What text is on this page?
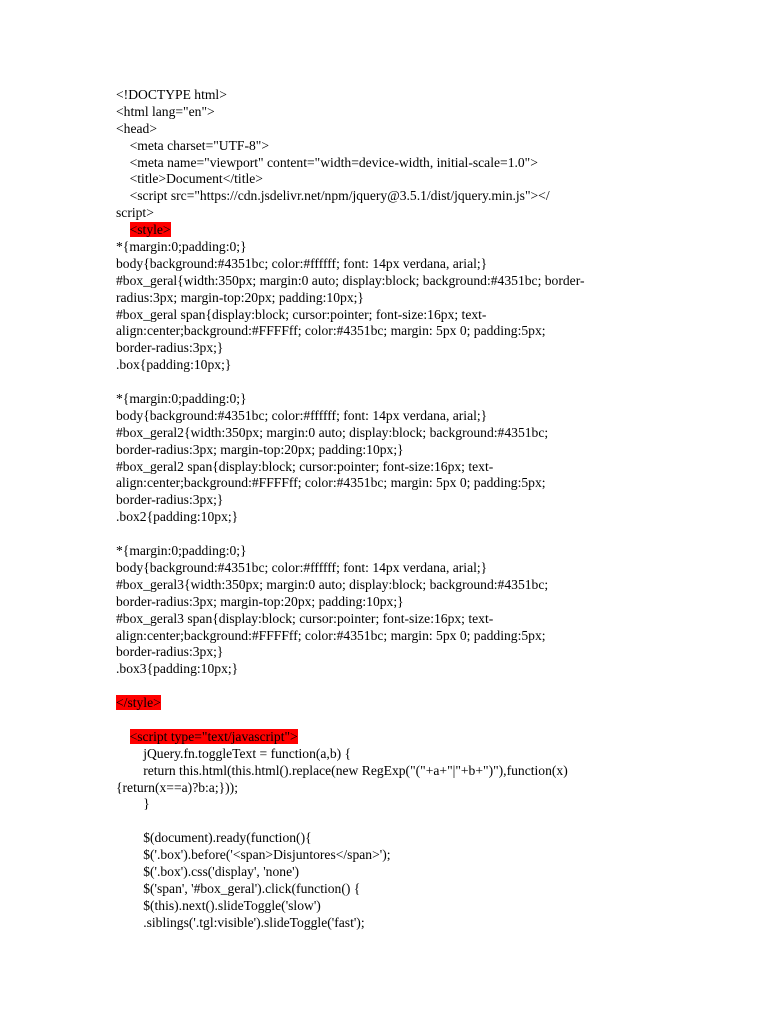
<!DOCTYPE html>
<html lang="en">
<head>
<meta charset="UTF-8">
<meta name="viewport" content="width=device-width, initial-scale=1.0">
<title>Document</title>
<script src="https://cdn.jsdelivr.net/npm/jquery@3.5.1/dist/jquery.min.js"></
script>
<style>
*{margin:0;padding:0;}
body{background:#4351bc; color:#ffffff; font: 14px verdana, arial;}
#box_geral{width:350px; margin:0 auto; display:block; background:#4351bc; border-
radius:3px; margin-top:20px; padding:10px;}
#box_geral span{display:block; cursor:pointer; font-size:16px; text-
align:center;background:#FFFFff; color:#4351bc; margin: 5px 0; padding:5px;
border-radius:3px;}
.box{padding:10px;}
*{margin:0;padding:0;}
body{background:#4351bc; color:#ffffff; font: 14px verdana, arial;}
#box_geral2{width:350px; margin:0 auto; display:block; background:#4351bc;
border-radius:3px; margin-top:20px; padding:10px;}
#box_geral2 span{display:block; cursor:pointer; font-size:16px; text-
align:center;background:#FFFFff; color:#4351bc; margin: 5px 0; padding:5px;
border-radius:3px;}
.box2{padding:10px;}
*{margin:0;padding:0;}
body{background:#4351bc; color:#ffffff; font: 14px verdana, arial;}
#box_geral3{width:350px; margin:0 auto; display:block; background:#4351bc;
border-radius:3px; margin-top:20px; padding:10px;}
#box_geral3 span{display:block; cursor:pointer; font-size:16px; text-
align:center;background:#FFFFff; color:#4351bc; margin: 5px 0; padding:5px;
border-radius:3px;}
.box3{padding:10px;}
</style>
<script type="text/javascript">
jQuery.fn.toggleText = function(a,b) {
return this.html(this.html().replace(new RegExp("("+a+"|"+b+")"),function(x)
{return(x==a)?b:a;}));
}
$(document).ready(function(){
$('.box').before('<span>Disjuntores</span>');
$('.box').css('display', 'none')
$('span', '#box_geral').click(function() {
$(this).next().slideToggle('slow')
.siblings('.tgl:visible').slideToggle('fast');
